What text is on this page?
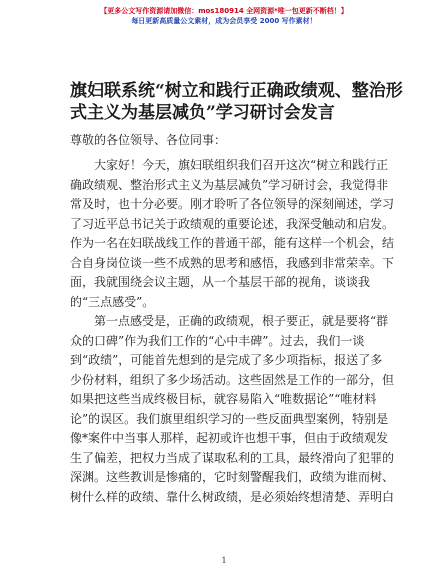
【更多公文写作资源请加微信：mos180914 全网资源*唯一包更新不断档！】
每日更新高质量公文素材，成为会员享受 2000 写作素材！
旗妇联系统“树立和践行正确政绩观、整治形
式主义为基层减负”学习研讨会发言
尊敬的各位领导、各位同事：
　　大家好！今天，旗妇联组织我们召开这次“树立和践行正
确政绩观、整治形式主义为基层减负”学习研讨会，我觉得非
常及时，也十分必要。刚才聆听了各位领导的深刻阐述，学习
了习近平总书记关于政绩观的重要论述，我深受触动和启发。
作为一名在妇联战线工作的普通干部，能有这样一个机会，结
合自身岗位谈一些不成熟的思考和感悟，我感到非常荣幸。下
面，我就围绕会议主题，从一个基层干部的视角，谈谈我
的“三点感受”。
　　第一点感受是，正确的政绩观，根子要正，就是要将“群
众的口碑”作为我们工作的“心中丰碑”。过去，我们一谈
到“政绩”，可能首先想到的是完成了多少项指标，报送了多
少份材料，组织了多少场活动。这些固然是工作的一部分，但
如果把这些当成终极目标，就容易陷入“唯数据论”“唯材料
论”的误区。我们旗里组织学习的一些反面典型案例，特别是
像*案件中当事人那样，起初或许也想干事，但由于政绩观发
生了偏差，把权力当成了谋取私利的工具，最终滑向了犯罪的
深渊。这些教训是惨痛的，它时刻警醒我们，政绩为谁而树、
树什么样的政绩、靠什么树政绩，是必须始终想清楚、弄明白
1
